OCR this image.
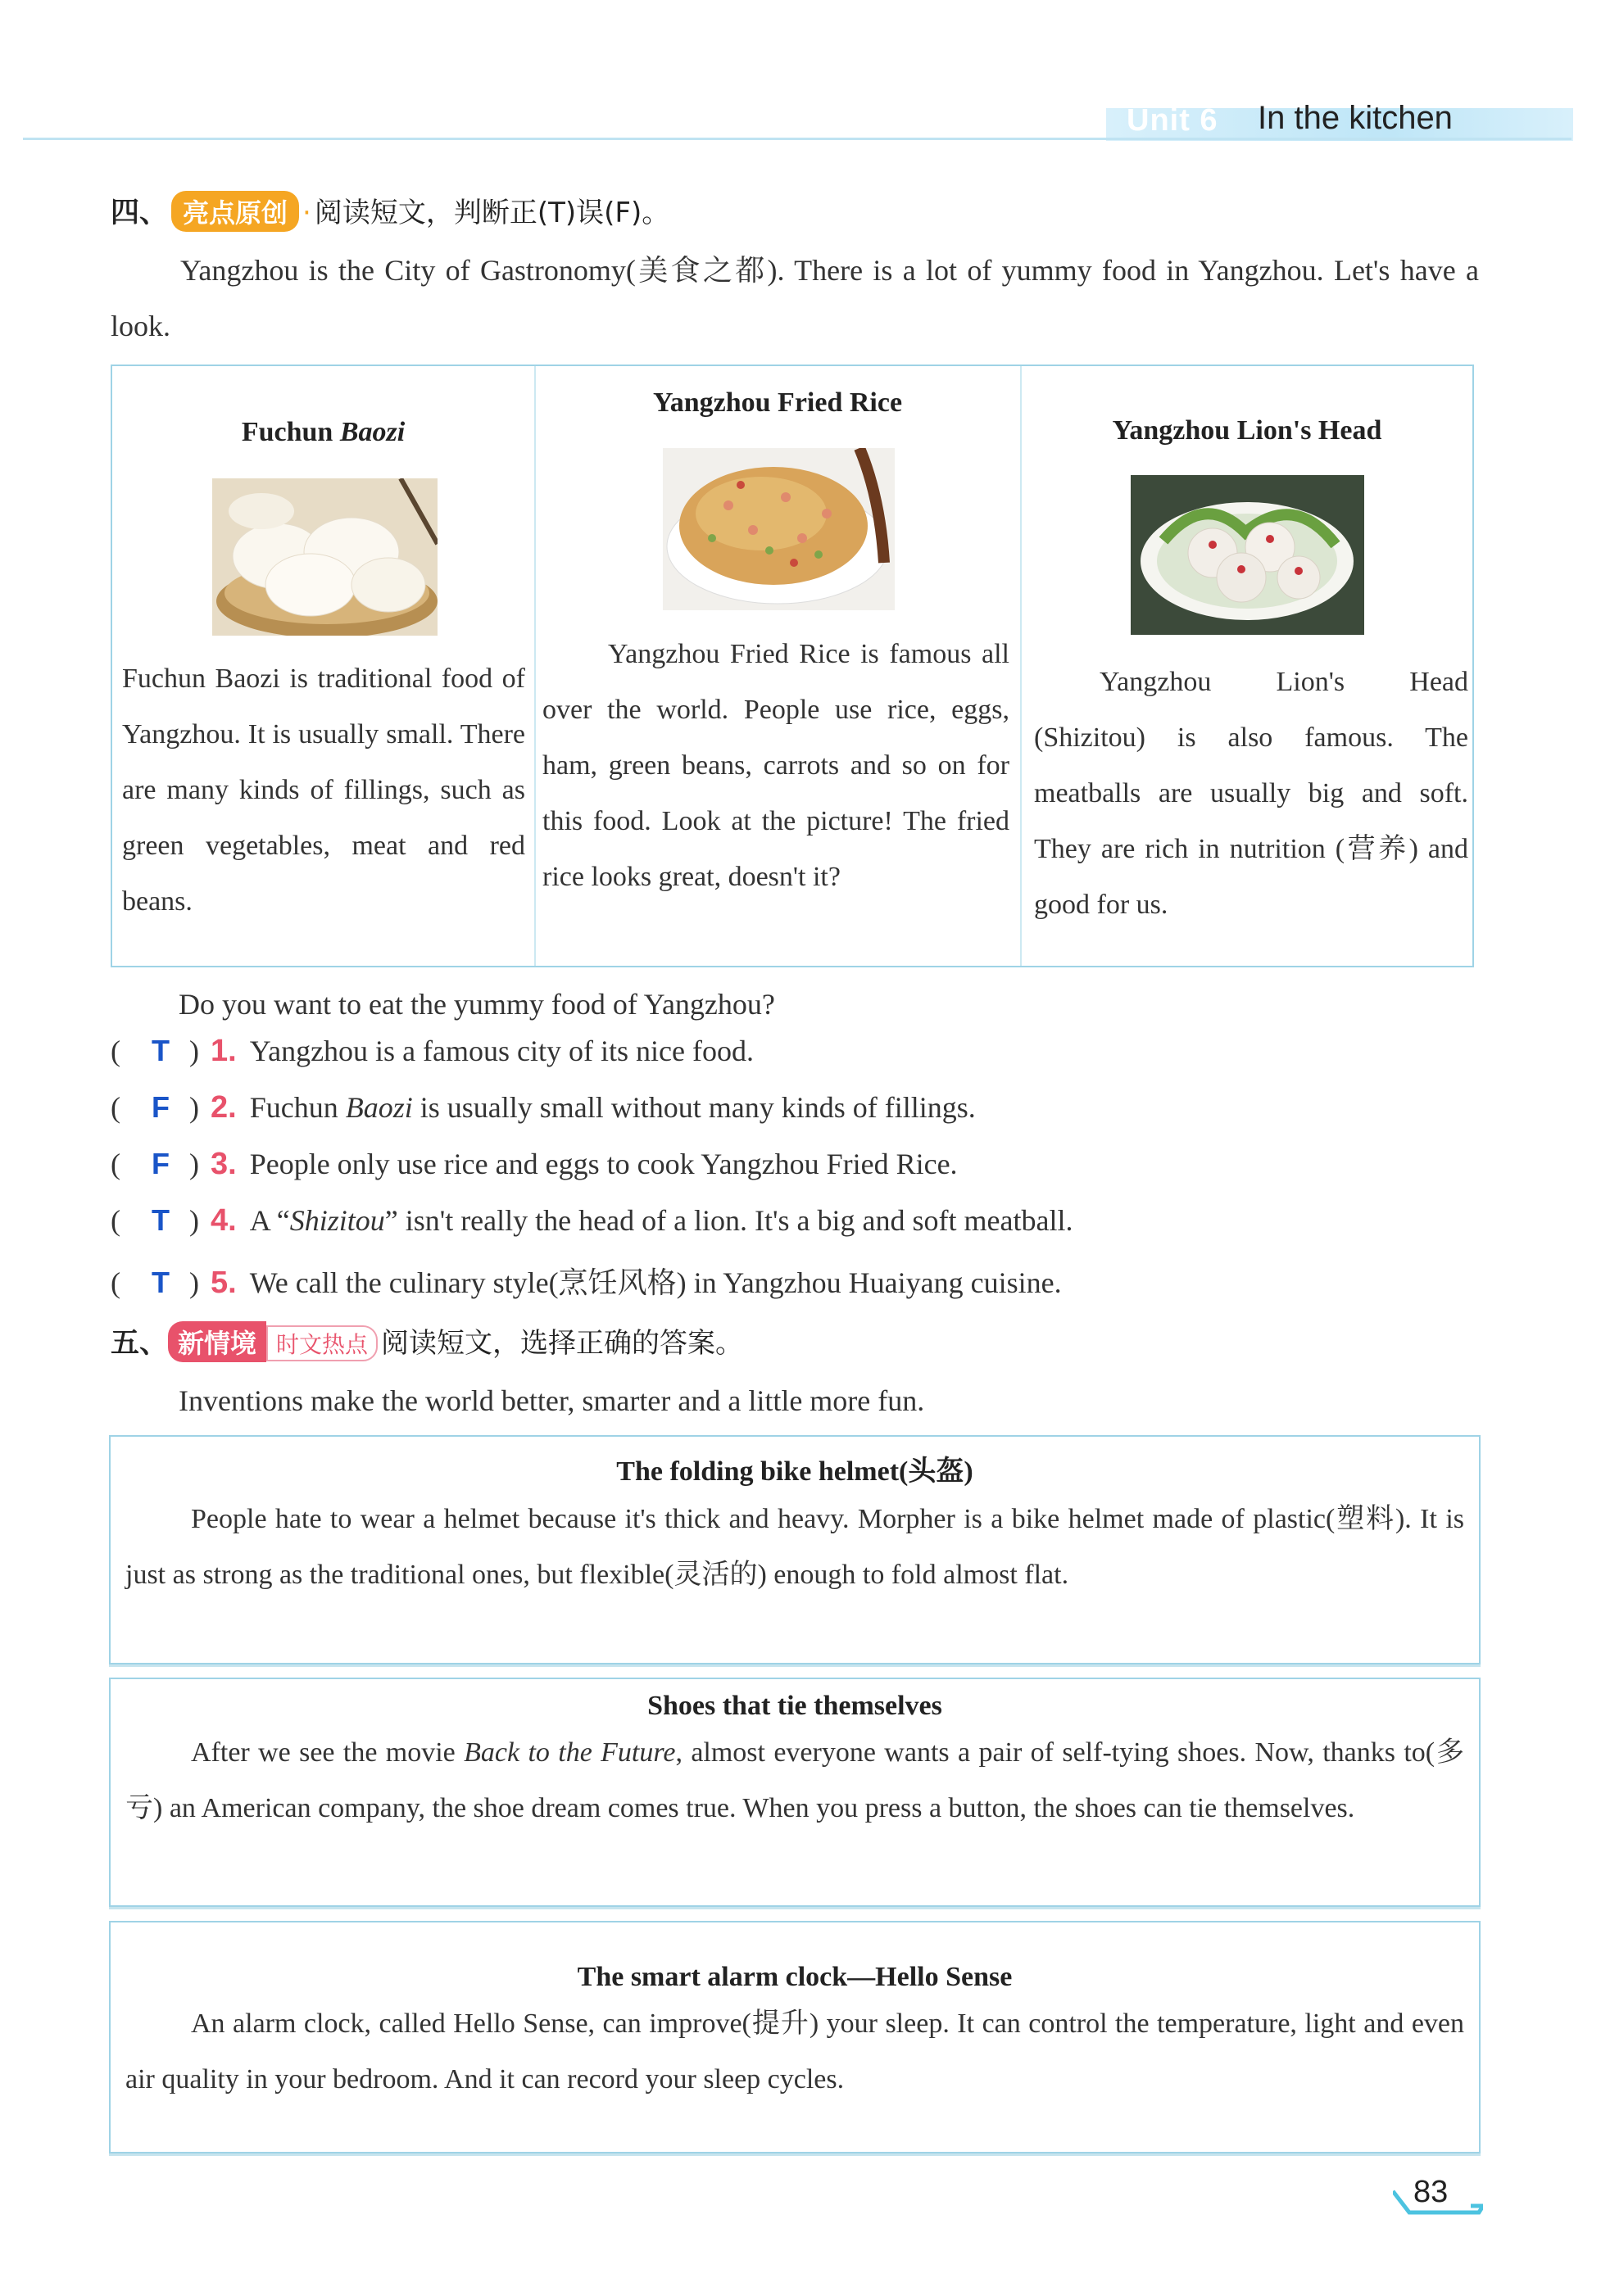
Unit 6 In the kitchen
四、 亮点原创 · 阅读短文，判断正(T)误(F)。
Yangzhou is the City of Gastronomy(美食之都). There is a lot of yummy food in Yangzhou. Let's have a look.
Fuchun Baozi
Fuchun Baozi is traditional food of Yangzhou. It is usually small. There are many kinds of fillings, such as green vegetables, meat and red beans.
Yangzhou Fried Rice
Yangzhou Fried Rice is famous all over the world. People use rice, eggs, ham, green beans, carrots and so on for this food. Look at the picture! The fried rice looks great, doesn't it?
Yangzhou Lion's Head
Yangzhou Lion's Head (Shizitou) is also famous. The meatballs are usually big and soft. They are rich in nutrition (营养) and good for us.
Do you want to eat the yummy food of Yangzhou?
( T ) 1. Yangzhou is a famous city of its nice food.
( F ) 2. Fuchun Baozi is usually small without many kinds of fillings.
( F ) 3. People only use rice and eggs to cook Yangzhou Fried Rice.
( T ) 4. A “Shizitou” isn't really the head of a lion. It's a big and soft meatball.
( T ) 5. We call the culinary style(烹饪风格) in Yangzhou Huaiyang cuisine.
五、 新情境 时文热点 阅读短文，选择正确的答案。
Inventions make the world better, smarter and a little more fun.
The folding bike helmet(头盔)
People hate to wear a helmet because it's thick and heavy. Morpher is a bike helmet made of plastic(塑料). It is just as strong as the traditional ones, but flexible(灵活的) enough to fold almost flat.
Shoes that tie themselves
After we see the movie Back to the Future, almost everyone wants a pair of self-tying shoes. Now, thanks to(多亏) an American company, the shoe dream comes true. When you press a button, the shoes can tie themselves.
The smart alarm clock—Hello Sense
An alarm clock, called Hello Sense, can improve(提升) your sleep. It can control the temperature, light and even air quality in your bedroom. And it can record your sleep cycles.
83
